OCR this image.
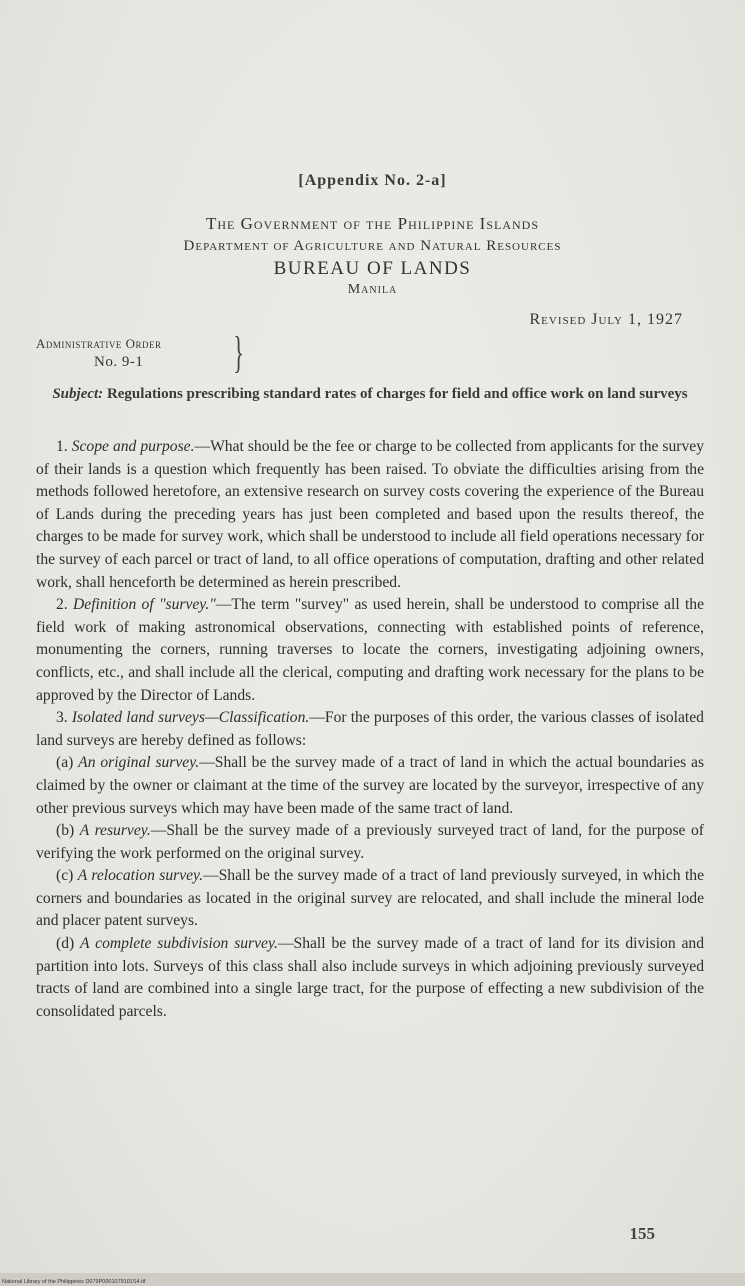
[Appendix No. 2-a]
The Government of the Philippine Islands
Department of Agriculture and Natural Resources
BUREAU OF LANDS
Manila
Revised July 1, 1927
Administrative Order
No. 9-1	}
Subject: Regulations prescribing standard rates of charges for field and office work on land surveys

1. Scope and purpose.—What should be the fee or charge to be collected from applicants for the survey of their lands is a question which frequently has been raised. To obviate the difficulties arising from the methods followed heretofore, an extensive research on survey costs covering the experience of the Bureau of Lands during the preceding years has just been completed and based upon the results thereof, the charges to be made for survey work, which shall be understood to include all field operations necessary for the survey of each parcel or tract of land, to all office operations of computation, drafting and other related work, shall henceforth be determined as herein prescribed.

2. Definition of "survey."—The term "survey" as used herein, shall be understood to comprise all the field work of making astronomical observations, connecting with established points of reference, monumenting the corners, running traverses to locate the corners, investigating adjoining owners, conflicts, etc., and shall include all the clerical, computing and drafting work necessary for the plans to be approved by the Director of Lands.

3. Isolated land surveys—Classification.—For the purposes of this order, the various classes of isolated land surveys are hereby defined as follows:

(a) An original survey.—Shall be the survey made of a tract of land in which the actual boundaries as claimed by the owner or claimant at the time of the survey are located by the surveyor, irrespective of any other previous surveys which may have been made of the same tract of land.

(b) A resurvey.—Shall be the survey made of a previously surveyed tract of land, for the purpose of verifying the work performed on the original survey.

(c) A relocation survey.—Shall be the survey made of a tract of land previously surveyed, in which the corners and boundaries as located in the original survey are relocated, and shall include the mineral lode and placer patent surveys.

(d) A complete subdivision survey.—Shall be the survey made of a tract of land for its division and partition into lots. Surveys of this class shall also include surveys in which adjoining previously surveyed tracts of land are combined into a single large tract, for the purpose of effecting a new subdivision of the consolidated parcels.

155
National Library of the Philippines D079P0001079101S4.tif
